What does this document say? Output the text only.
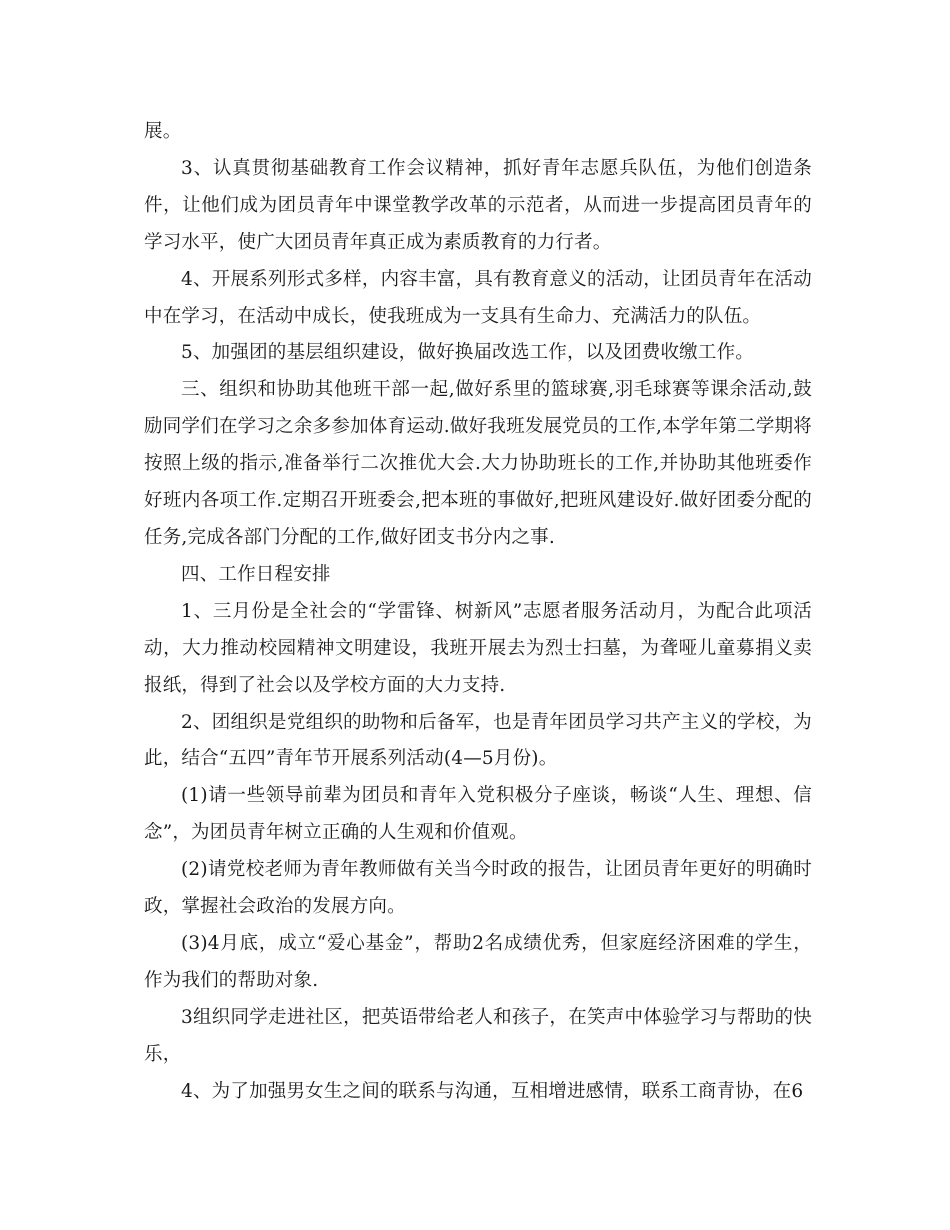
展。

3、认真贯彻基础教育工作会议精神，抓好青年志愿兵队伍，为他们创造条件，让他们成为团员青年中课堂教学改革的示范者，从而进一步提高团员青年的学习水平，使广大团员青年真正成为素质教育的力行者。

4、开展系列形式多样，内容丰富，具有教育意义的活动，让团员青年在活动中在学习，在活动中成长，使我班成为一支具有生命力、充满活力的队伍。

5、加强团的基层组织建设，做好换届改选工作，以及团费收缴工作。

三、组织和协助其他班干部一起,做好系里的篮球赛,羽毛球赛等课余活动,鼓励同学们在学习之余多参加体育运动.做好我班发展党员的工作,本学年第二学期将按照上级的指示,准备举行二次推优大会.大力协助班长的工作,并协助其他班委作好班内各项工作.定期召开班委会,把本班的事做好,把班风建设好.做好团委分配的任务,完成各部门分配的工作,做好团支书分内之事.

四、工作日程安排

1、三月份是全社会的“学雷锋、树新风”志愿者服务活动月，为配合此项活动，大力推动校园精神文明建设，我班开展去为烈士扫墓，为聋哑儿童募捐义卖报纸，得到了社会以及学校方面的大力支持.

2、团组织是党组织的助物和后备军，也是青年团员学习共产主义的学校，为此，结合“五四”青年节开展系列活动(4—5月份)。

(1)请一些领导前辈为团员和青年入党积极分子座谈，畅谈“人生、理想、信念”，为团员青年树立正确的人生观和价值观。

(2)请党校老师为青年教师做有关当今时政的报告，让团员青年更好的明确时政，掌握社会政治的发展方向。

(3)4月底，成立“爱心基金”，帮助2名成绩优秀，但家庭经济困难的学生，作为我们的帮助对象.

3组织同学走进社区，把英语带给老人和孩子，在笑声中体验学习与帮助的快乐，

4、为了加强男女生之间的联系与沟通，互相增进感情，联系工商青协，在6
